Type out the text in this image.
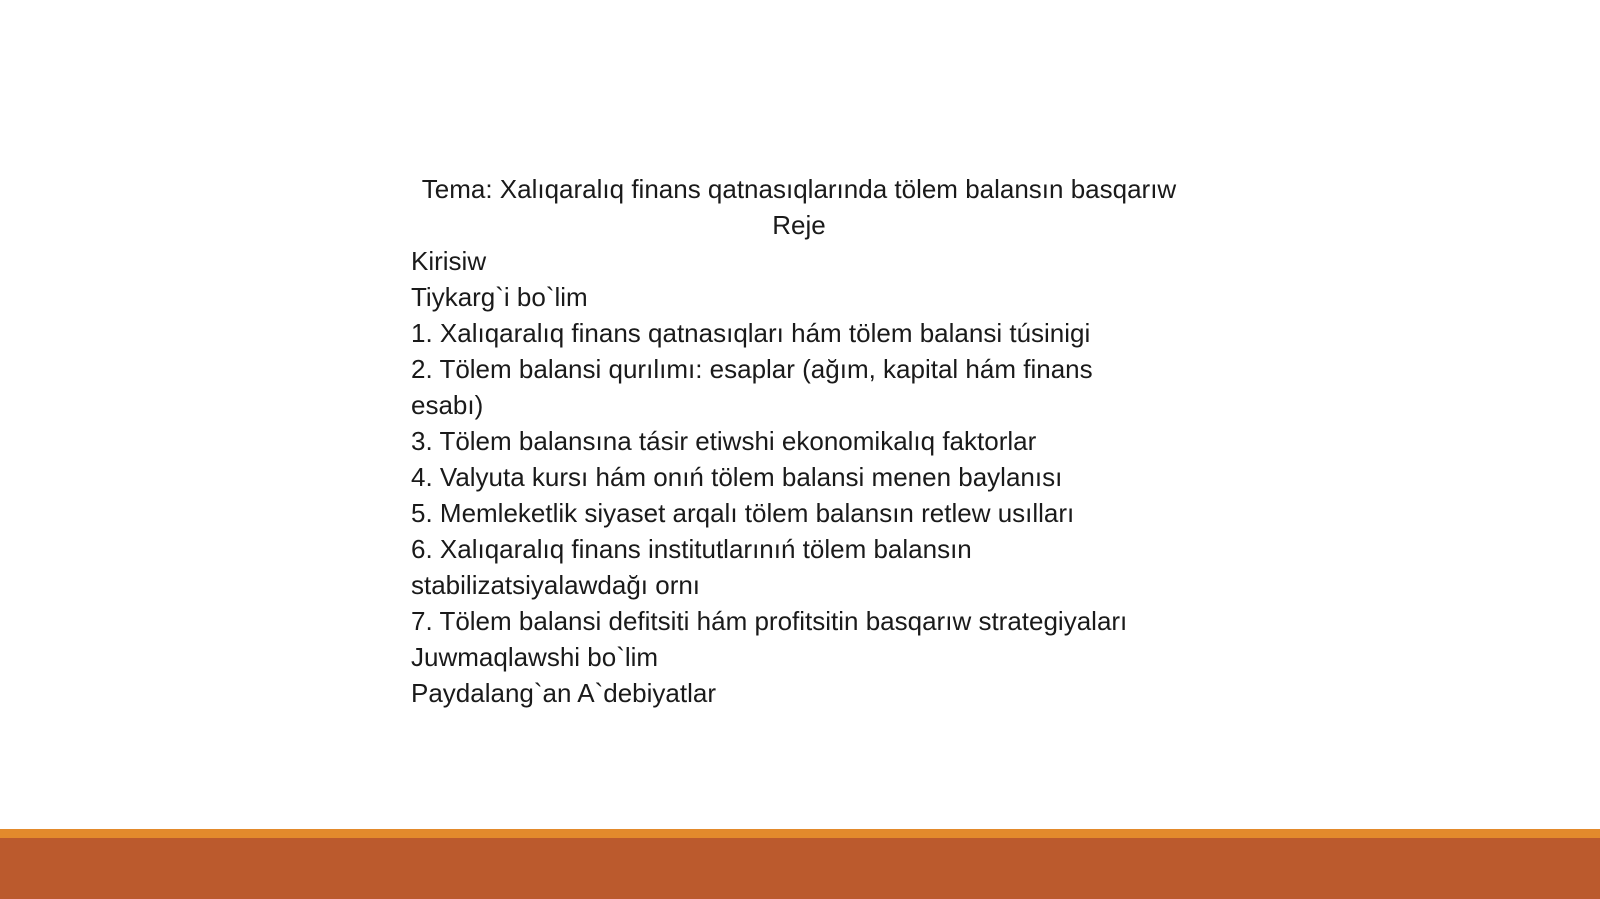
Tema: Xalıqaralıq finans qatnasıqlarında tölem balansın basqarıw
Reje
Kirisiw
Tiykarg`i bo`lim
1. Xalıqaralıq finans qatnasıqları hám tölem balansi túsinigi
2. Tölem balansi qurılımı: esaplar (ağım, kapital hám finans esabı)
3. Tölem balansına tásir etiwshi ekonomikalıq faktorlar
4. Valyuta kursı hám onıń tölem balansi menen baylanısı
5. Memleketlik siyaset arqalı tölem balansın retlew usılları
6. Xalıqaralıq finans institutlarınıń tölem balansın stabilizatsiyalawdağı ornı
7. Tölem balansi defitsiti hám profitsitin basqarıw strategiyaları
Juwmaqlawshi bo`lim
Paydalang`an A`debiyatlar
